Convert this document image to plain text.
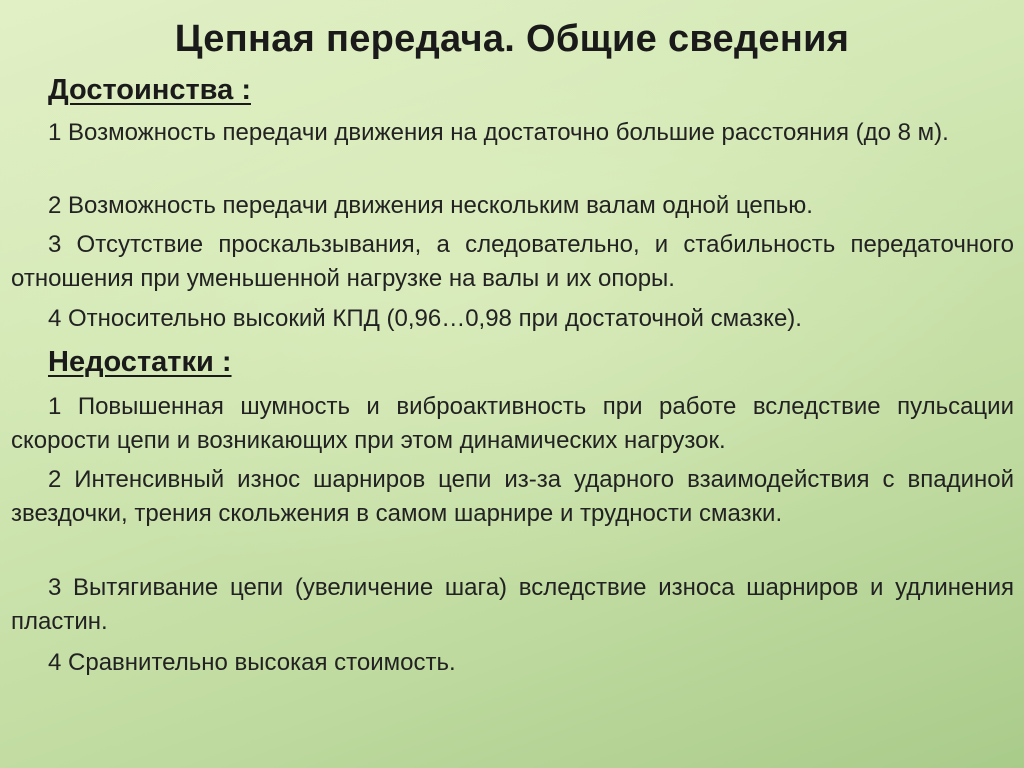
Цепная передача. Общие сведения
Достоинства :
1 Возможность передачи движения на достаточно большие расстояния (до 8 м).
2 Возможность передачи движения нескольким валам одной цепью.
3 Отсутствие проскальзывания, а следовательно, и стабильность передаточного отношения при уменьшенной нагрузке на валы и их опоры.
4 Относительно высокий КПД (0,96…0,98 при достаточной смазке).
Недостатки :
1 Повышенная шумность и виброактивность при работе вследствие пульсации скорости цепи и возникающих при этом динамических нагрузок.
2 Интенсивный износ шарниров цепи из-за ударного взаимодействия с впадиной звездочки, трения скольжения в самом шарнире и трудности смазки.
3 Вытягивание цепи (увеличение шага) вследствие износа шарниров и удлинения пластин.
4 Сравнительно высокая стоимость.
